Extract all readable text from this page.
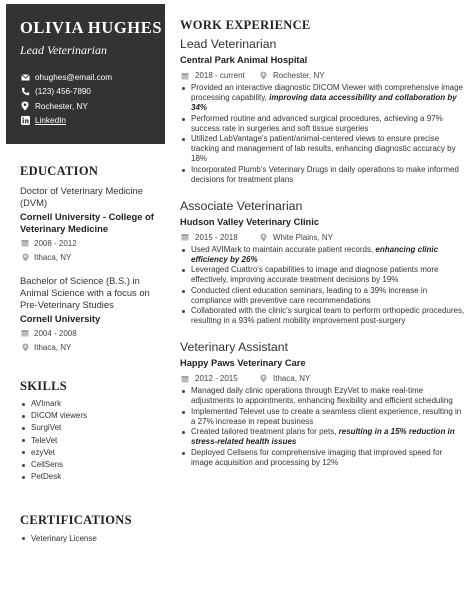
OLIVIA HUGHES
Lead Veterinarian
ohughes@email.com
(123) 456-7890
Rochester, NY
LinkedIn
EDUCATION
Doctor of Veterinary Medicine (DVM)
Cornell University - College of Veterinary Medicine
2008 - 2012
Ithaca, NY
Bachelor of Science (B.S.) in Animal Science with a focus on Pre-Veterinary Studies
Cornell University
2004 - 2008
Ithaca, NY
SKILLS
AVImark
DICOM viewers
SurgiVet
TeleVet
ezyVet
CellSens
PetDesk
CERTIFICATIONS
Veterinary License
WORK EXPERIENCE
Lead Veterinarian
Central Park Animal Hospital
2018 - current	Rochester, NY
Provided an interactive diagnostic DICOM Viewer with comprehensive image processing capability, improving data accessibility and collaboration by 34%
Performed routine and advanced surgical procedures, achieving a 97% success rate in surgeries and soft tissue surgeries
Utilized LabVantage's patient/animal-centered views to ensure precise tracking and management of lab results, enhancing diagnostic accuracy by 18%
Incorporated Plumb's Veterinary Drugs in daily operations to make informed decisions for treatment plans
Associate Veterinarian
Hudson Valley Veterinary Clinic
2015 - 2018	White Plains, NY
Used AVIMark to maintain accurate patient records, enhancing clinic efficiency by 26%
Leveraged Cuattro's capabilities to image and diagnose patients more effectively, improving accurate treatment decisions by 19%
Conducted client education seminars, leading to a 39% increase in compliance with preventive care recommendations
Collaborated with the clinic's surgical team to perform orthopedic procedures, resulting in a 93% patient mobility improvement post-surgery
Veterinary Assistant
Happy Paws Veterinary Care
2012 - 2015	Ithaca, NY
Managed daily clinic operations through EzyVet to make real-time adjustments to appointments, enhancing flexibility and efficient scheduling
Implemented Televet use to create a seamless client experience, resulting in a 27% increase in repeat business
Created tailored treatment plans for pets, resulting in a 15% reduction in stress-related health issues
Deployed Cellsens for comprehensive imaging that improved speed for image acquisition and processing by 12%
